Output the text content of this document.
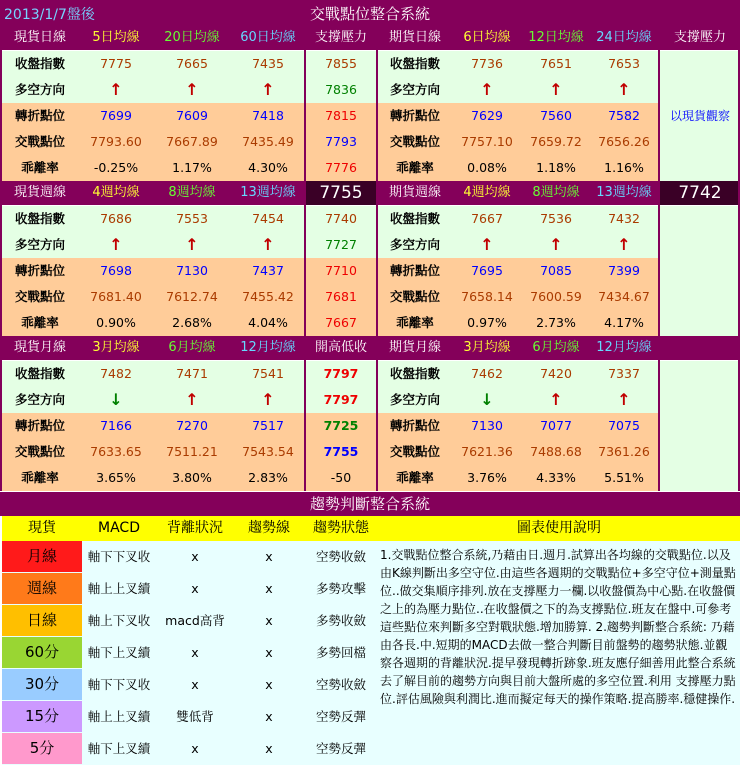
2013/1/7盤後	交戰點位整合系統
現貨日線	5日均線	20日均線	60日均線	支撐壓力	期貨日線	6日均線	12日均線 24日均線	支撐壓力
收盤指數	7775	7665	7435	7855	收盤指數	7736	7651	7653
多空方向	↑	↑	↑	7836	多空方向	↑	↑	↑
轉折點位	7699	7609	7418	7815	轉折點位	7629	7560	7582
交戰點位	7793.60	7667.89	7435.49	7793	交戰點位	7757.10	7659.72	7656.26
乖離率	-0.25%	1.17%	4.30%	7776	乖離率	0.08%	1.18%	1.16%
以現貨觀察
現貨週線	4週均線	8週均線	13週均線	7755	期貨週線	4週均線	8週均線	13週均線	7742
收盤指數	7686	7553	7454	7740	收盤指數	7667	7536	7432
多空方向	↑	↑	↑	7727	多空方向	↑	↑	↑
轉折點位	7698	7130	7437	7710	轉折點位	7695	7085	7399
交戰點位	7681.40	7612.74	7455.42	7681	交戰點位	7658.14	7600.59	7434.67
乖離率	0.90%	2.68%	4.04%	7667	乖離率	0.97%	2.73%	4.17%
現貨月線	3月均線	6月均線	12月均線	開高低收	期貨月線	3月均線	6月均線	12月均線
收盤指數	7482	7471	7541	7797	收盤指數	7462	7420	7337
多空方向	↓	↑	↑	7797	多空方向	↓	↑	↑
轉折點位	7166	7270	7517	7725	轉折點位	7130	7077	7075
交戰點位	7633.65	7511.21	7543.54	7755	交戰點位	7621.36	7488.68	7361.26
乖離率	3.65%	3.80%	2.83%	-50	乖離率	3.76%	4.33%	5.51%
趨勢判斷整合系統
現貨	MACD	背離狀況	趨勢線	趨勢狀態
月線	軸下下叉收	x	x	空勢收斂
週線	軸上上叉續	x	x	多勢攻擊
日線	軸上下叉收	macd高背	x	多勢收斂
60分	軸下上叉續	x	x	多勢回檔
30分	軸下下叉收	x	x	空勢收斂
15分	軸上上叉續	雙低背	x	空勢反彈
5分	軸下上叉續	x	x	空勢反彈
圖表使用說明
1.交戰點位整合系統,乃藉由日.週月.試算出各均線的交戰點位.以及由K線判斷出多空守位.由這些各週期的交戰點位+多空守位+測量點位..做交集順序排列.放在支撐壓力一欄.以收盤價為中心點.在收盤價之上的為壓力點位..在收盤價之下的為支撐點位.班友在盤中.可參考這些點位來判斷多空對戰狀態.增加勝算. 2.趨勢判斷整合系統: 乃藉由各長.中.短期的MACD去做一整合判斷目前盤勢的趨勢狀態.並觀察各週期的背離狀況.提早發現轉折跡象.班友應仔細善用此整合系統去了解目前的趨勢方向與目前大盤所處的多空位置.利用 支撐壓力點位.評估風險與利潤比.進而擬定每天的操作策略.提高勝率.穩健操作.
